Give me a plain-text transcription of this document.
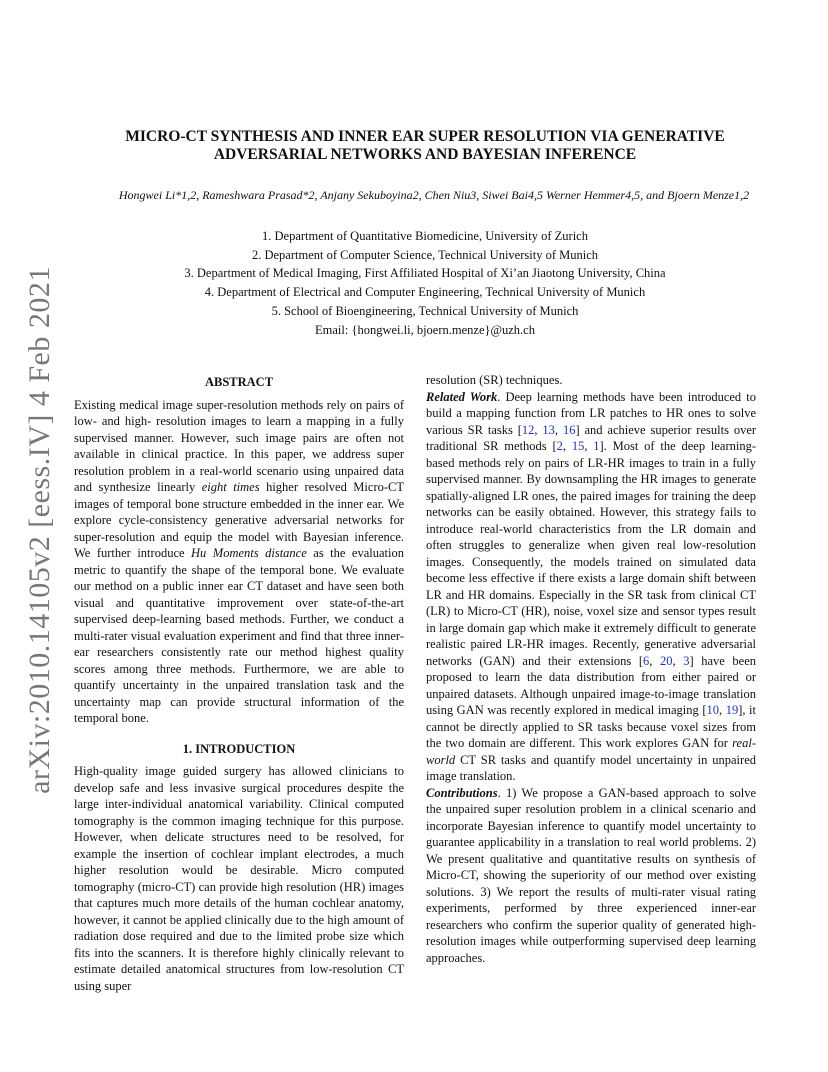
arXiv:2010.14105v2 [eess.IV] 4 Feb 2021
MICRO-CT SYNTHESIS AND INNER EAR SUPER RESOLUTION VIA GENERATIVE
ADVERSARIAL NETWORKS AND BAYESIAN INFERENCE
Hongwei Li*1,2, Rameshwara Prasad*2, Anjany Sekuboyina2, Chen Niu3, Siwei Bai4,5 Werner Hemmer4,5, and Bjoern Menze1,2
1. Department of Quantitative Biomedicine, University of Zurich
2. Department of Computer Science, Technical University of Munich
3. Department of Medical Imaging, First Affiliated Hospital of Xi’an Jiaotong University, China
4. Department of Electrical and Computer Engineering, Technical University of Munich
5. School of Bioengineering, Technical University of Munich
Email: {hongwei.li, bjoern.menze}@uzh.ch
ABSTRACT

Existing medical image super-resolution methods rely on pairs of low- and high- resolution images to learn a mapping in a fully supervised manner. However, such image pairs are often not available in clinical practice. In this paper, we address super resolution problem in a real-world scenario using unpaired data and synthesize linearly eight times higher resolved Micro-CT images of temporal bone structure embedded in the inner ear. We explore cycle-consistency generative adversarial networks for super-resolution and equip the model with Bayesian inference. We further introduce Hu Moments distance as the evaluation metric to quantify the shape of the temporal bone. We evaluate our method on a public inner ear CT dataset and have seen both visual and quantitative improvement over state-of-the-art supervised deep-learning based methods. Further, we conduct a multi-rater visual evaluation experiment and find that three inner-ear researchers consistently rate our method highest quality scores among three methods. Furthermore, we are able to quantify uncertainty in the unpaired translation task and the uncertainty map can provide structural information of the temporal bone.

1. INTRODUCTION

High-quality image guided surgery has allowed clinicians to develop safe and less invasive surgical procedures despite the large inter-individual anatomical variability. Clinical computed tomography is the common imaging technique for this purpose. However, when delicate structures need to be resolved, for example the insertion of cochlear implant electrodes, a much higher resolution would be desirable. Micro computed tomography (micro-CT) can provide high resolution (HR) images that captures much more details of the human cochlear anatomy, however, it cannot be applied clinically due to the high amount of radiation dose required and due to the limited probe size which fits into the scanners. It is therefore highly clinically relevant to estimate detailed anatomical structures from low-resolution CT using super

resolution (SR) techniques.

Related Work. Deep learning methods have been introduced to build a mapping function from LR patches to HR ones to solve various SR tasks [12, 13, 16] and achieve superior results over traditional SR methods [2, 15, 1]. Most of the deep learning-based methods rely on pairs of LR-HR images to train in a fully supervised manner. By downsampling the HR images to generate spatially-aligned LR ones, the paired images for training the deep networks can be easily obtained. However, this strategy fails to introduce real-world characteristics from the LR domain and often struggles to generalize when given real low-resolution images. Consequently, the models trained on simulated data become less effective if there exists a large domain shift between LR and HR domains. Especially in the SR task from clinical CT (LR) to Micro-CT (HR), noise, voxel size and sensor types result in large domain gap which make it extremely difficult to generate realistic paired LR-HR images. Recently, generative adversarial networks (GAN) and their extensions [6, 20, 3] have been proposed to learn the data distribution from either paired or unpaired datasets. Although unpaired image-to-image translation using GAN was recently explored in medical imaging [10, 19], it cannot be directly applied to SR tasks because voxel sizes from the two domain are different. This work explores GAN for real-world CT SR tasks and quantify model uncertainty in unpaired image translation.

Contributions. 1) We propose a GAN-based approach to solve the unpaired super resolution problem in a clinical scenario and incorporate Bayesian inference to quantify model uncertainty to guarantee applicability in a translation to real world problems. 2) We present qualitative and quantitative results on synthesis of Micro-CT, showing the superiority of our method over existing solutions. 3) We report the results of multi-rater visual rating experiments, performed by three experienced inner-ear researchers who confirm the superior quality of generated high-resolution images while outperforming supervised deep learning approaches.
